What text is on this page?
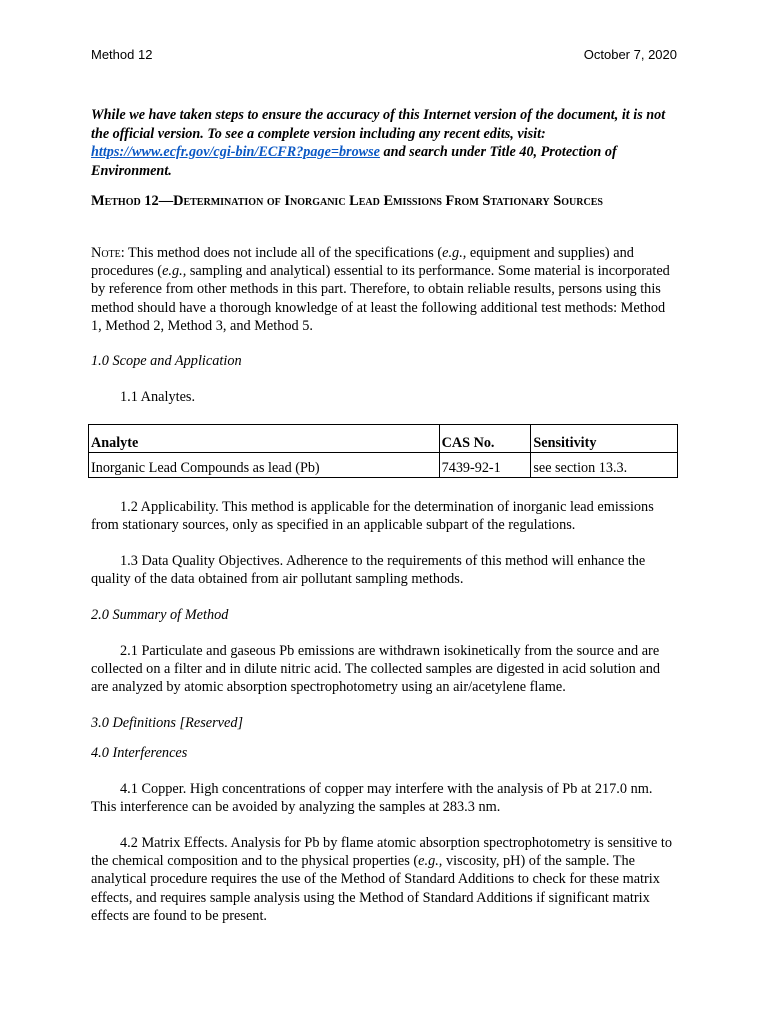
Method 12	October 7, 2020
While we have taken steps to ensure the accuracy of this Internet version of the document, it is not the official version. To see a complete version including any recent edits, visit: https://www.ecfr.gov/cgi-bin/ECFR?page=browse and search under Title 40, Protection of Environment.
Method 12—Determination of Inorganic Lead Emissions From Stationary Sources
Note: This method does not include all of the specifications (e.g., equipment and supplies) and procedures (e.g., sampling and analytical) essential to its performance. Some material is incorporated by reference from other methods in this part. Therefore, to obtain reliable results, persons using this method should have a thorough knowledge of at least the following additional test methods: Method 1, Method 2, Method 3, and Method 5.
1.0 Scope and Application
1.1 Analytes.
Analyte	CAS No.	Sensitivity
Inorganic Lead Compounds as lead (Pb)	7439-92-1	see section 13.3.
1.2 Applicability. This method is applicable for the determination of inorganic lead emissions from stationary sources, only as specified in an applicable subpart of the regulations.
1.3 Data Quality Objectives. Adherence to the requirements of this method will enhance the quality of the data obtained from air pollutant sampling methods.
2.0 Summary of Method
2.1 Particulate and gaseous Pb emissions are withdrawn isokinetically from the source and are collected on a filter and in dilute nitric acid. The collected samples are digested in acid solution and are analyzed by atomic absorption spectrophotometry using an air/acetylene flame.
3.0 Definitions [Reserved]
4.0 Interferences
4.1 Copper. High concentrations of copper may interfere with the analysis of Pb at 217.0 nm. This interference can be avoided by analyzing the samples at 283.3 nm.
4.2 Matrix Effects. Analysis for Pb by flame atomic absorption spectrophotometry is sensitive to the chemical composition and to the physical properties (e.g., viscosity, pH) of the sample. The analytical procedure requires the use of the Method of Standard Additions to check for these matrix effects, and requires sample analysis using the Method of Standard Additions if significant matrix effects are found to be present.
